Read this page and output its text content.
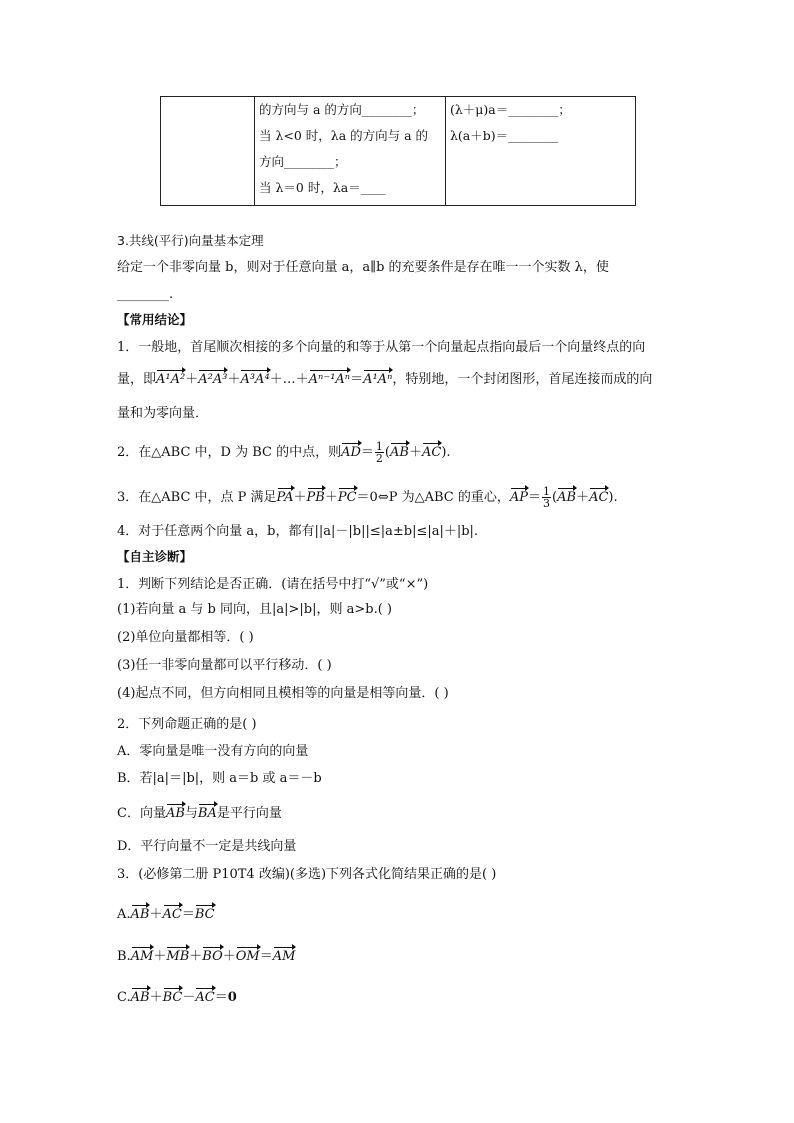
的方向与 a 的方向________；
当 λ<0 时，λa 的方向与 a 的
方向________；
当 λ＝0 时，λa＝____

(λ＋μ)a＝________；
λ(a＋b)＝________
3.共线(平行)向量基本定理
给定一个非零向量 b，则对于任意向量 a，a∥b 的充要条件是存在唯一一个实数 λ，使
________.
【常用结论】
1．一般地，首尾顺次相接的多个向量的和等于从第一个向量起点指向最后一个向量终点的向
量，即A¹A²＋A²A³＋A³A⁴＋…＋Aⁿ⁻¹Aⁿ＝A¹Aⁿ，特别地，一个封闭图形，首尾连接而成的向
量和为零向量．
2．在△ABC 中，D 为 BC 的中点，则$AD= \frac{1}{2} (AB+AC)$.
3．在△ABC 中，点 P 满足PA＋PB＋PC＝0⇔P 为△ABC 的重心，$AP= \frac{1}{3} (AB+AC)$.
4．对于任意两个向量 a，b，都有||a|－|b||≤|a±b|≤|a|＋|b|.
【自主诊断】
1．判断下列结论是否正确．(请在括号中打“√”或“×”)
(1)若向量 a 与 b 同向，且|a|>|b|，则 a>b.( )
(2)单位向量都相等．( )
(3)任一非零向量都可以平行移动．( )
(4)起点不同，但方向相同且模相等的向量是相等向量．( )
2．下列命题正确的是( )
A．零向量是唯一没有方向的向量
B．若|a|＝|b|，则 a＝b 或 a＝－b
C．向量AB与BA是平行向量
D．平行向量不一定是共线向量
3．(必修第二册 P10T4 改编)(多选)下列各式化简结果正确的是( )
A.AB＋AC＝BC
B.AM＋MB＋BO＋OM＝AM
C.AB＋BC－AC＝0
